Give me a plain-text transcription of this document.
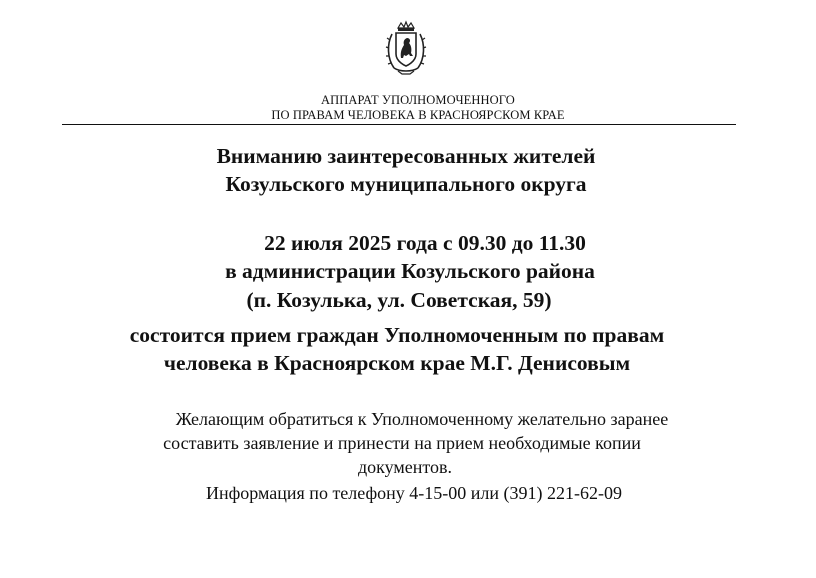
АППАРАТ УПОЛНОМОЧЕННОГО
ПО ПРАВАМ ЧЕЛОВЕКА В КРАСНОЯРСКОМ КРАЕ
Вниманию заинтересованных жителей
Козульского муниципального округа
22 июля 2025 года с 09.30 до 11.30
в администрации Козульского района
(п. Козулька, ул. Советская, 59)
состоится прием граждан Уполномоченным по правам
человека в Красноярском крае М.Г. Денисовым
Желающим обратиться к Уполномоченному желательно заранее
составить заявление и принести на прием необходимые копии
документов.
Информация по телефону 4-15-00 или (391) 221-62-09
